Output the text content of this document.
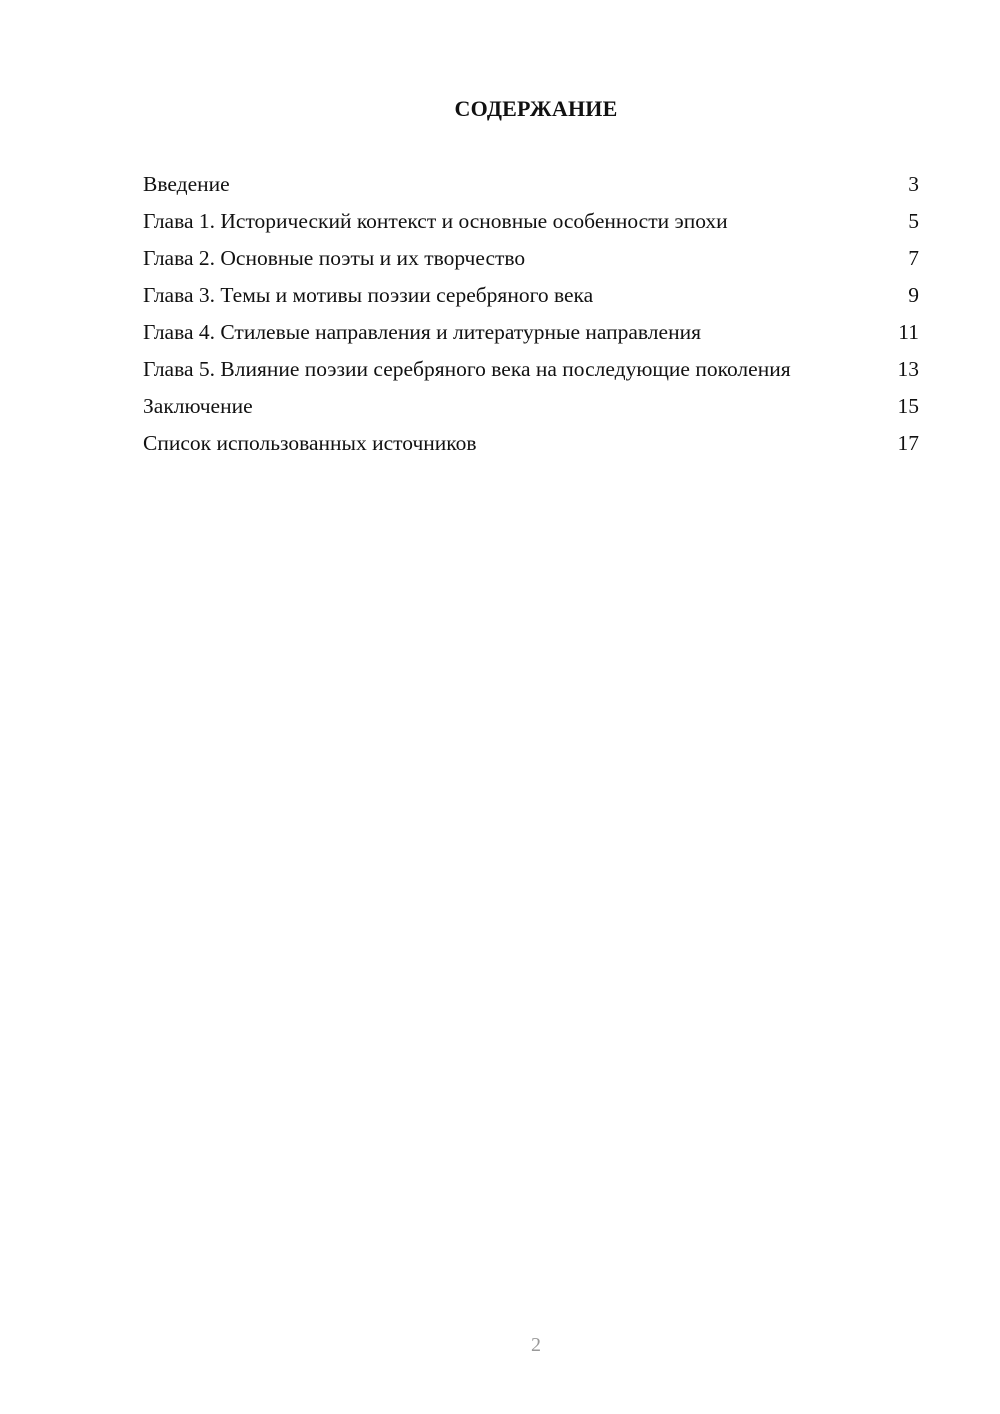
СОДЕРЖАНИЕ
Введение	3
Глава 1. Исторический контекст и основные особенности эпохи	5
Глава 2. Основные поэты и их творчество	7
Глава 3. Темы и мотивы поэзии серебряного века	9
Глава 4. Стилевые направления и литературные направления	11
Глава 5. Влияние поэзии серебряного века на последующие поколения	13
Заключение	15
Список использованных источников	17
2
